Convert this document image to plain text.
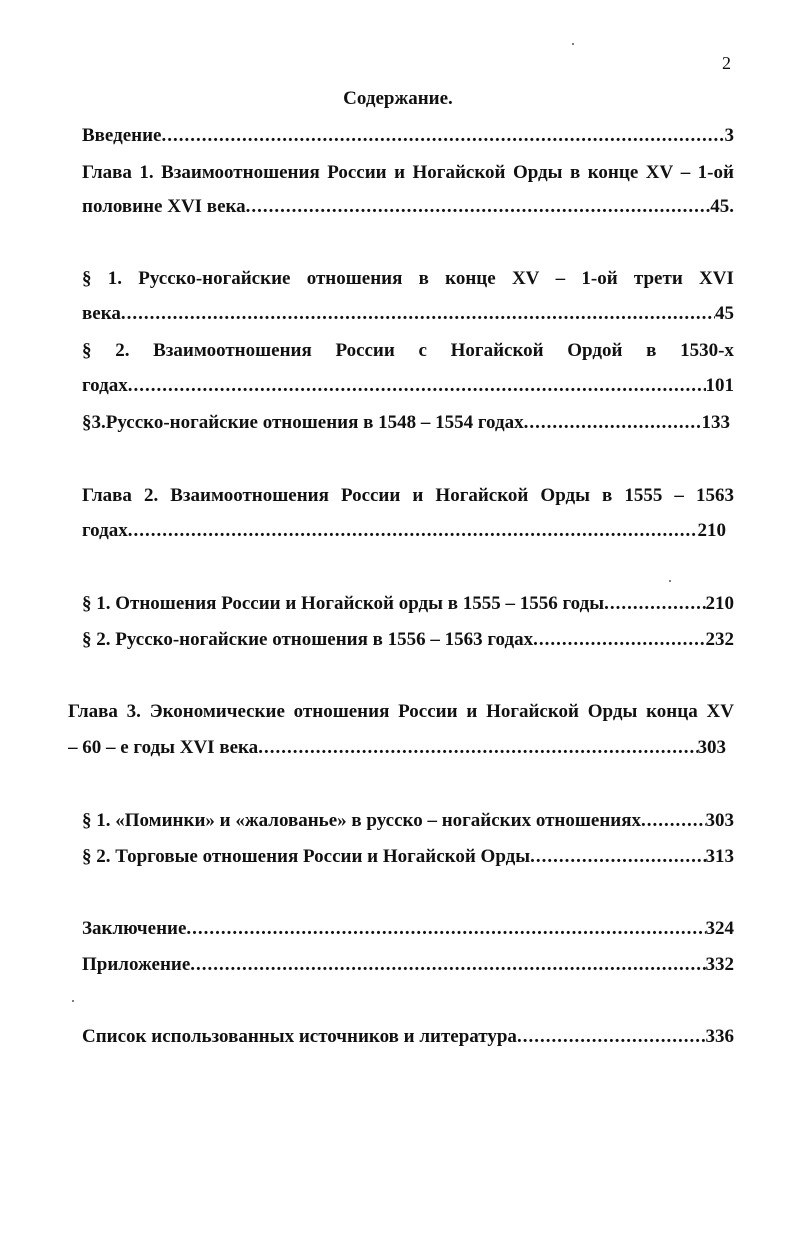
2
Содержание.
Введение .....	3
Глава 1. Взаимоотношения России и Ногайской Орды в конце XV – 1-ой
половине XVI века .....	45.
§ 1. Русско-ногайские отношения в конце XV – 1-ой трети XVI
века .....	45
§ 2. Взаимоотношения России с Ногайской Ордой в 1530-х
годах .....	101
§3.Русско-ногайские отношения в 1548 – 1554 годах .....	133
Глава 2. Взаимоотношения России и Ногайской Орды в 1555 – 1563
годах .....	210
§ 1. Отношения России и Ногайской орды в 1555 – 1556 годы .....	210
§ 2. Русско-ногайские отношения в 1556 – 1563 годах .....	232
Глава 3. Экономические отношения России и Ногайской Орды конца XV
– 60 – е годы XVI века .....	303
§ 1. «Поминки» и «жалованье» в русско – ногайских отношениях .....	303
§ 2. Торговые отношения России и Ногайской Орды .....	313
Заключение .....	324
Приложение .....	332
Список использованных источников и литература .....	336
